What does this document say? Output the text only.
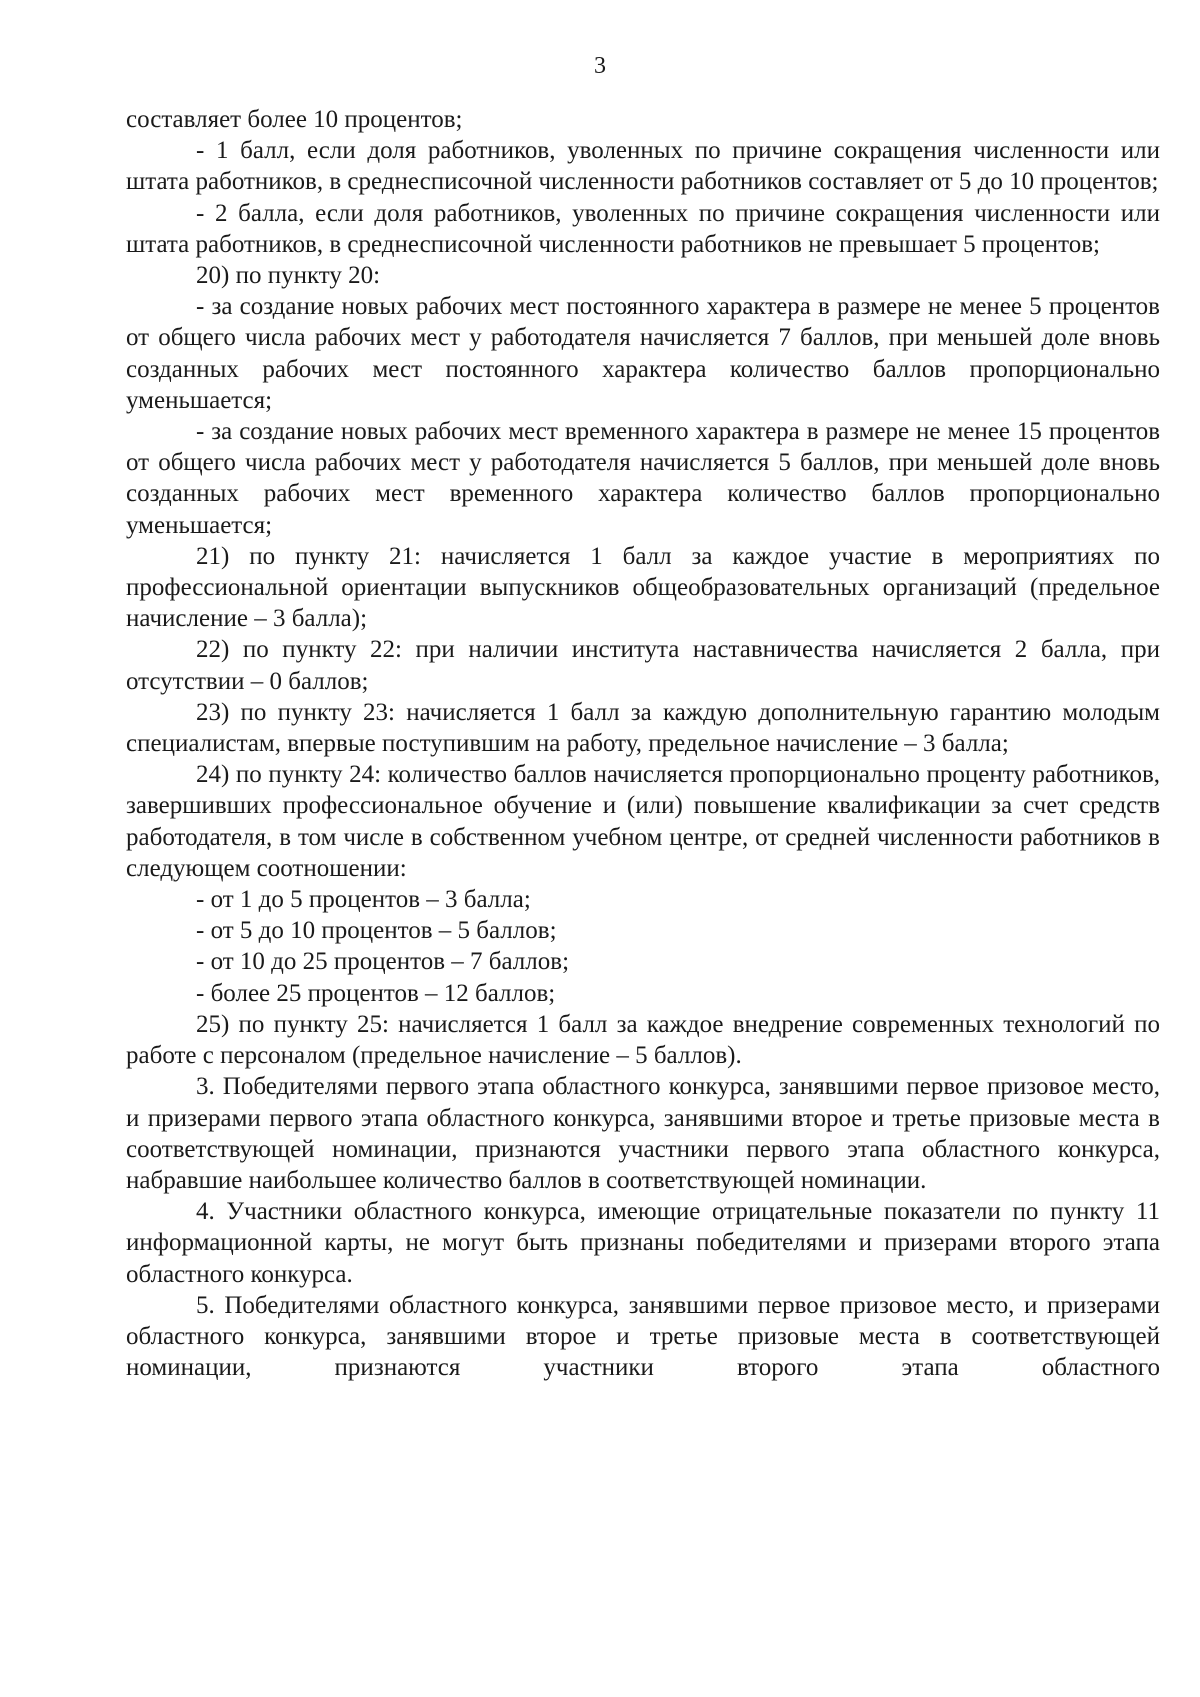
3

составляет более 10 процентов;

- 1 балл, если доля работников, уволенных по причине сокращения численности или штата работников, в среднесписочной численности работников составляет от 5 до 10 процентов;

- 2 балла, если доля работников, уволенных по причине сокращения численности или штата работников, в среднесписочной численности работников не превышает 5 процентов;

20) по пункту 20:

- за создание новых рабочих мест постоянного характера в размере не менее 5 процентов от общего числа рабочих мест у работодателя начисляется 7 баллов, при меньшей доле вновь созданных рабочих мест постоянного характера количество баллов пропорционально уменьшается;

- за создание новых рабочих мест временного характера в размере не менее 15 процентов от общего числа рабочих мест у работодателя начисляется 5 баллов, при меньшей доле вновь созданных рабочих мест временного характера количество баллов пропорционально уменьшается;

21) по пункту 21: начисляется 1 балл за каждое участие в мероприятиях по профессиональной ориентации выпускников общеобразовательных организаций (предельное начисление – 3 балла);

22) по пункту 22: при наличии института наставничества начисляется 2 балла, при отсутствии – 0 баллов;

23) по пункту 23: начисляется 1 балл за каждую дополнительную гарантию молодым специалистам, впервые поступившим на работу, предельное начисление – 3 балла;

24) по пункту 24: количество баллов начисляется пропорционально проценту работников, завершивших профессиональное обучение и (или) повышение квалификации за счет средств работодателя, в том числе в собственном учебном центре, от средней численности работников в следующем соотношении:

- от 1 до 5 процентов – 3 балла;

- от 5 до 10 процентов – 5 баллов;

- от 10 до 25 процентов – 7 баллов;

- более 25 процентов – 12 баллов;

25) по пункту 25: начисляется 1 балл за каждое внедрение современных технологий по работе с персоналом (предельное начисление – 5 баллов).

3. Победителями первого этапа областного конкурса, занявшими первое призовое место, и призерами первого этапа областного конкурса, занявшими второе и третье призовые места в соответствующей номинации, признаются участники первого этапа областного конкурса, набравшие наибольшее количество баллов в соответствующей номинации.

4. Участники областного конкурса, имеющие отрицательные показатели по пункту 11 информационной карты, не могут быть признаны победителями и призерами второго этапа областного конкурса.

5. Победителями областного конкурса, занявшими первое призовое место, и призерами областного конкурса, занявшими второе и третье призовые места в соответствующей номинации, признаются участники второго этапа областного
